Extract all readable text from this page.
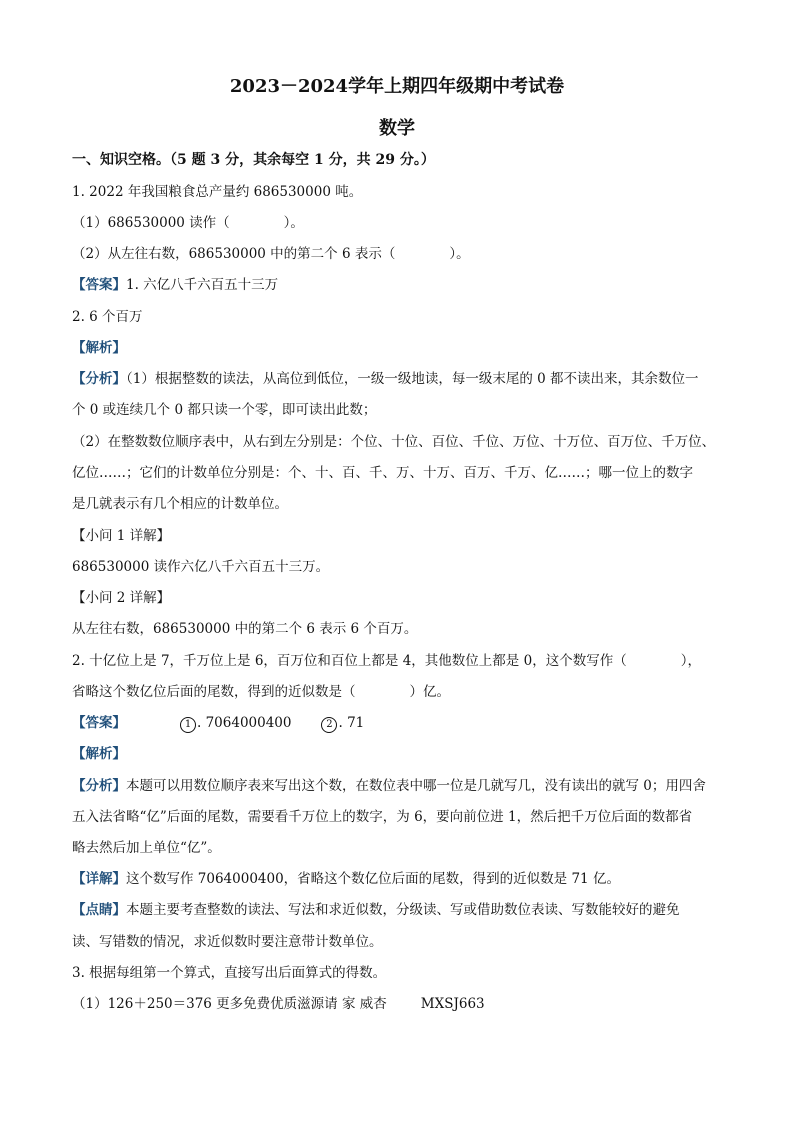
2023－2024学年上期四年级期中考试卷
数学
一、知识空格。（5 题 3 分，其余每空 1 分，共 29 分。）
1. 2022 年我国粮食总产量约 686530000 吨。
（1）686530000 读作（　　　　）。
（2）从左往右数，686530000 中的第二个 6 表示（　　　　）。
【答案】1. 六亿八千六百五十三万
2. 6 个百万
【解析】
【分析】（1）根据整数的读法，从高位到低位，一级一级地读，每一级末尾的 0 都不读出来，其余数位一
个 0 或连续几个 0 都只读一个零，即可读出此数；
（2）在整数数位顺序表中，从右到左分别是：个位、十位、百位、千位、万位、十万位、百万位、千万位、
亿位……；它们的计数单位分别是：个、十、百、千、万、十万、百万、千万、亿……；哪一位上的数字
是几就表示有几个相应的计数单位。
【小问 1 详解】
686530000 读作六亿八千六百五十三万。
【小问 2 详解】
从左往右数，686530000 中的第二个 6 表示 6 个百万。
2. 十亿位上是 7，千万位上是 6，百万位和百位上都是 4，其他数位上都是 0，这个数写作（　　　　），
省略这个数亿位后面的尾数，得到的近似数是（　　　　）亿。
【答案】	1 . 7064000400	2 . 71
【解析】
【分析】本题可以用数位顺序表来写出这个数，在数位表中哪一位是几就写几，没有读出的就写 0；用四舍
五入法省略“亿”后面的尾数，需要看千万位上的数字，为 6，要向前位进 1，然后把千万位后面的数都省
略去然后加上单位“亿”。
【详解】这个数写作 7064000400，省略这个数亿位后面的尾数，得到的近似数是 71 亿。
【点睛】本题主要考查整数的读法、写法和求近似数，分级读、写或借助数位表读、写数能较好的避免
读、写错数的情况，求近似数时要注意带计数单位。
3. 根据每组第一个算式，直接写出后面算式的得数。
（1）126＋250＝376 更多免费优质滋源请 家 威杏	MXSJ663
